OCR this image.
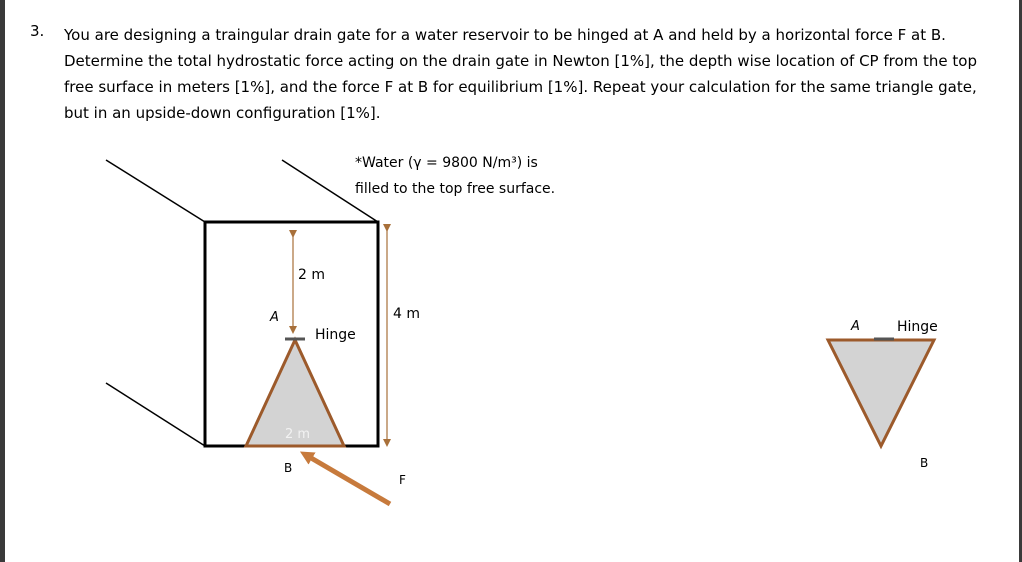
3. You are designing a traingular drain gate for a water reservoir to be hinged at A and held by a horizontal force F at B. Determine the total hydrostatic force acting on the drain gate in Newton [1%], the depth wise location of CP from the top free surface in meters [1%], and the force F at B for equilibrium [1%]. Repeat your calculation for the same triangle gate, but in an upside-down configuration [1%].

*Water (γ = 9800 N/m³) is
filled to the top free surface.
2 m
4 m
A
Hinge
2 m
B
F
A	Hinge
B
